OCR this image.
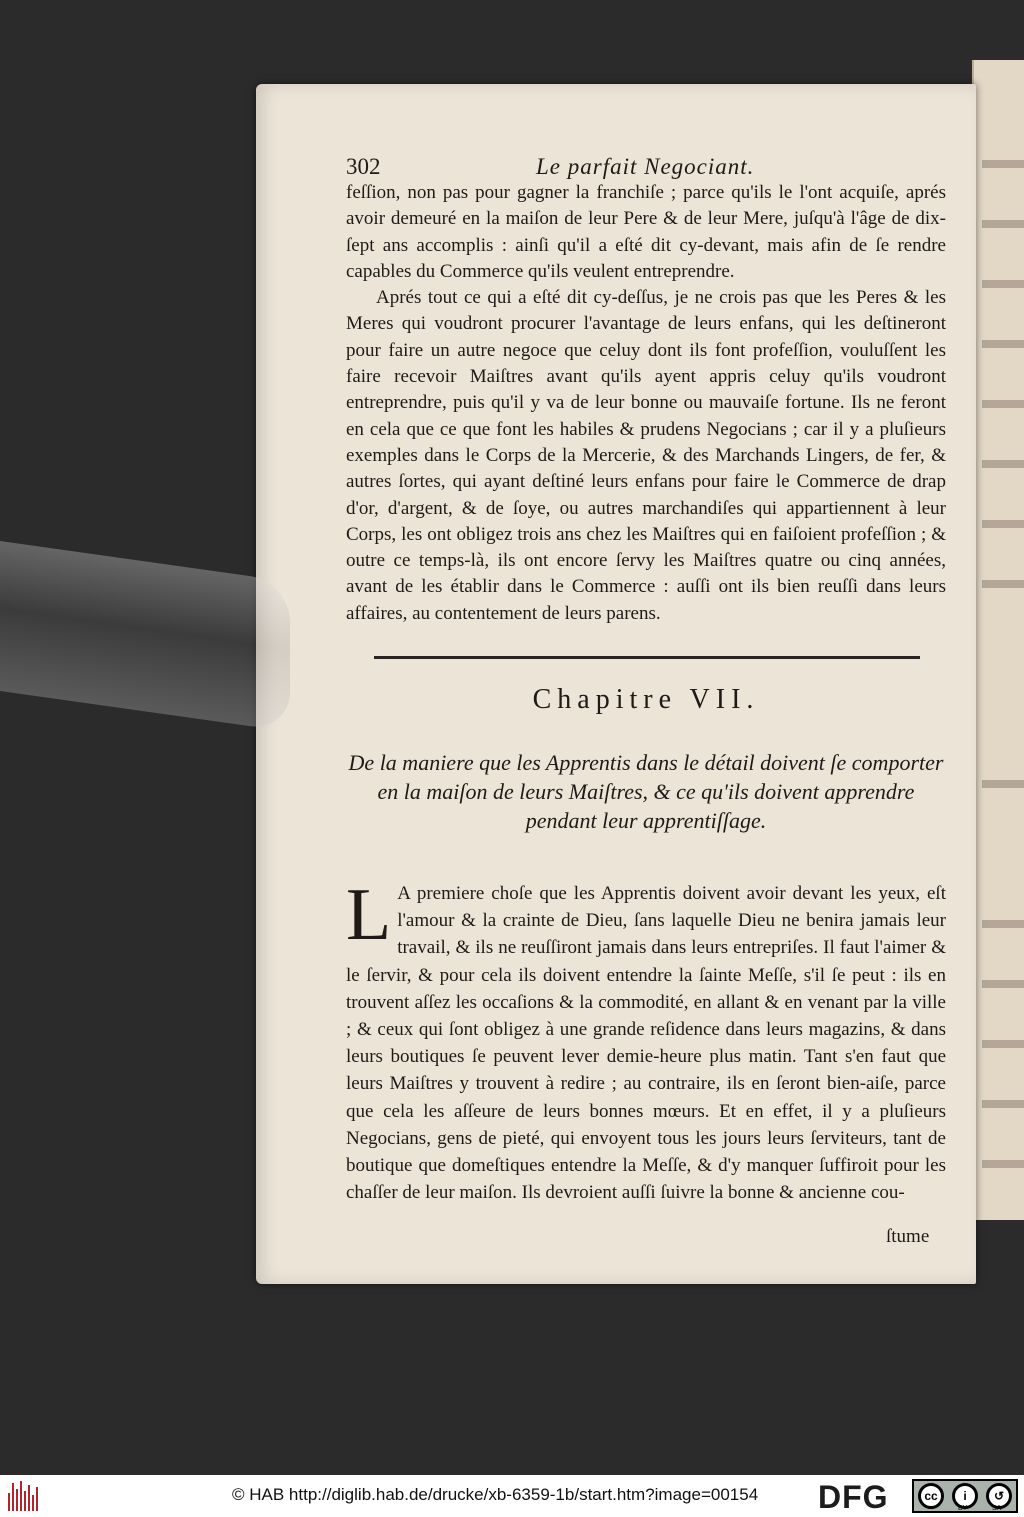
302	Le parfait Negociant.

feſſion, non pas pour gagner la franchiſe ; parce qu'ils le l'ont acquiſe, aprés avoir demeuré en la maiſon de leur Pere & de leur Mere, juſqu'à l'âge de dix-ſept ans accomplis : ainſi qu'il a eſté dit cy-devant, mais afin de ſe rendre capables du Commerce qu'ils veulent entreprendre.

Aprés tout ce qui a eſté dit cy-deſſus, je ne crois pas que les Peres & les Meres qui voudront procurer l'avantage de leurs enfans, qui les deſtineront pour faire un autre negoce que celuy dont ils font profeſſion, vouluſſent les faire recevoir Maiſtres avant qu'ils ayent appris celuy qu'ils voudront entreprendre, puis qu'il y va de leur bonne ou mauvaiſe fortune. Ils ne feront en cela que ce que font les habiles & prudens Negocians ; car il y a pluſieurs exemples dans le Corps de la Mercerie, & des Marchands Lingers, de fer, & autres ſortes, qui ayant deſtiné leurs enfans pour faire le Commerce de drap d'or, d'argent, & de ſoye, ou autres marchandiſes qui appartiennent à leur Corps, les ont obligez trois ans chez les Maiſtres qui en faiſoient profeſſion ; & outre ce temps-là, ils ont encore ſervy les Maiſtres quatre ou cinq années, avant de les établir dans le Commerce : auſſi ont ils bien reuſſi dans leurs affaires, au contentement de leurs parens.

Chapitre VII.
De la maniere que les Apprentis dans le détail doivent ſe comporter en la maiſon de leurs Maiſtres, & ce qu'ils doivent apprendre pendant leur apprentiſſage.
L A premiere choſe que les Apprentis doivent avoir devant les yeux, eſt l'amour & la crainte de Dieu, ſans laquelle Dieu ne benira jamais leur travail, & ils ne reuſſiront jamais dans leurs entrepriſes. Il faut l'aimer & le ſervir, & pour cela ils doivent entendre la ſainte Meſſe, s'il ſe peut : ils en trouvent aſſez les occaſions & la commodité, en allant & en venant par la ville ; & ceux qui ſont obligez à une grande reſidence dans leurs magazins, & dans leurs boutiques ſe peuvent lever demie-heure plus matin. Tant s'en faut que leurs Maiſtres y trouvent à redire ; au contraire, ils en ſeront bien-aiſe, parce que cela les aſſeure de leurs bonnes mœurs. Et en effet, il y a pluſieurs Negocians, gens de pieté, qui envoyent tous les jours leurs ſerviteurs, tant de boutique que domeſtiques entendre la Meſſe, & d'y manquer ſuffiroit pour les chaſſer de leur maiſon. Ils devroient auſſi ſuivre la bonne & ancienne cou-
ſtume
© HAB http://diglib.hab.de/drucke/xb-6359-1b/start.htm?image=00154 DFG	cc	i	↺
BY	SA
